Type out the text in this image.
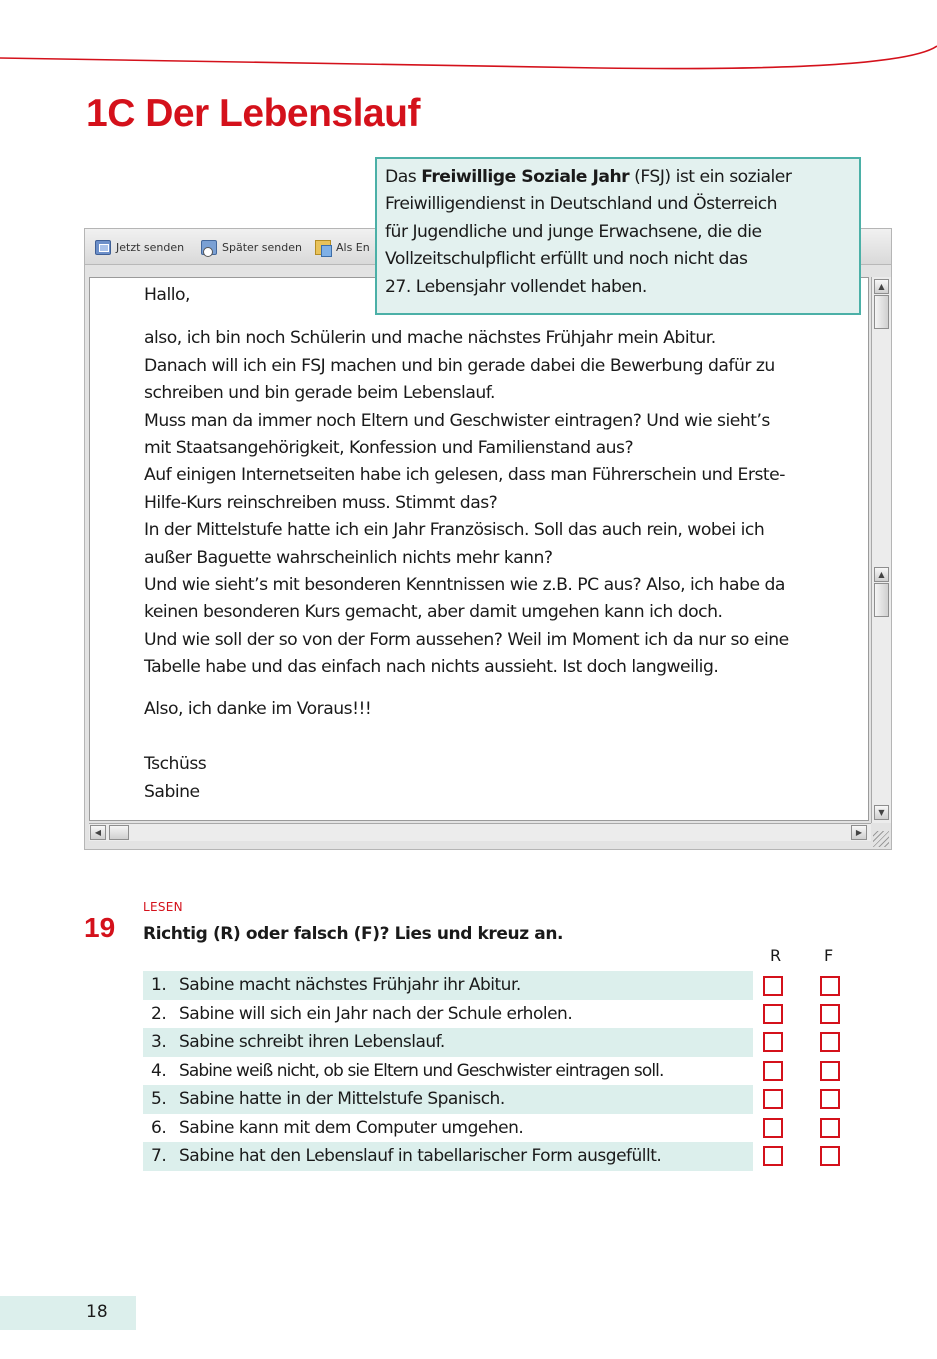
1C Der Lebenslauf
Jetzt senden	Später senden	Als En

Hallo,

also, ich bin noch Schülerin und mache nächstes Frühjahr mein Abitur.

Danach will ich ein FSJ machen und bin gerade dabei die Bewerbung dafür zu

schreiben und bin gerade beim Lebenslauf.

Muss man da immer noch Eltern und Geschwister eintragen? Und wie sieht’s

mit Staatsangehörigkeit, Konfession und Familienstand aus?

Auf einigen Internetseiten habe ich gelesen, dass man Führerschein und Erste-

Hilfe-Kurs reinschreiben muss. Stimmt das?

In der Mittelstufe hatte ich ein Jahr Französisch. Soll das auch rein, wobei ich

außer Baguette wahrscheinlich nichts mehr kann?

Und wie sieht’s mit besonderen Kenntnissen wie z.B. PC aus? Also, ich habe da

keinen besonderen Kurs gemacht, aber damit umgehen kann ich doch.

Und wie soll der so von der Form aussehen? Weil im Moment ich da nur so eine

Tabelle habe und das einfach nach nichts aussieht. Ist doch langweilig.

Also, ich danke im Voraus!!!

Tschüss

Sabine

▲
▲
▼
◀	▶

Das Freiwillige Soziale Jahr (FSJ) ist ein sozialer

Freiwilligendienst in Deutschland und Österreich

für Jugendliche und junge Erwachsene, die die

Vollzeitschulpflicht erfüllt und noch nicht das

27. Lebensjahr vollendet haben.

19
LESEN
Richtig (R) oder falsch (F)? Lies und kreuz an.
R	F
1. Sabine macht nächstes Frühjahr ihr Abitur.
2. Sabine will sich ein Jahr nach der Schule erholen.
3. Sabine schreibt ihren Lebenslauf.
4. Sabine weiß nicht, ob sie Eltern und Geschwister eintragen soll.
5. Sabine hatte in der Mittelstufe Spanisch.
6. Sabine kann mit dem Computer umgehen.
7. Sabine hat den Lebenslauf in tabellarischer Form ausgefüllt.
18
